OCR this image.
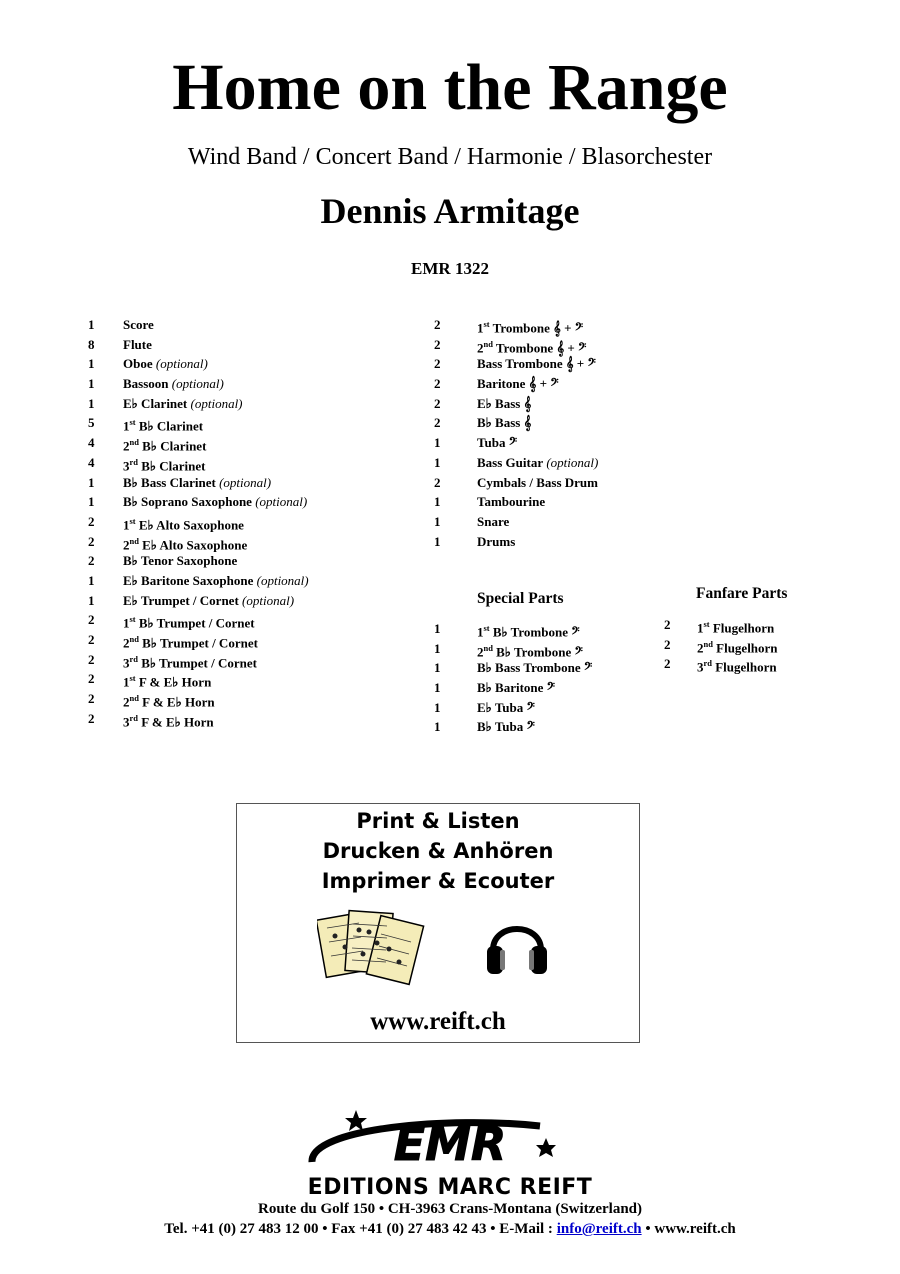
Home on the Range
Wind Band / Concert Band / Harmonie / Blasorchester
Dennis Armitage
EMR 1322
1 Score
8 Flute
1 Oboe (optional)
1 Bassoon (optional)
1 E♭ Clarinet (optional)
5 1st B♭ Clarinet
4 2nd B♭ Clarinet
4 3rd B♭ Clarinet
1 B♭ Bass Clarinet (optional)
1 B♭ Soprano Saxophone (optional)
2 1st E♭ Alto Saxophone
2 2nd E♭ Alto Saxophone
2 B♭ Tenor Saxophone
1 E♭ Baritone Saxophone (optional)
1 E♭ Trumpet / Cornet (optional)
2 1st B♭ Trumpet / Cornet
2 2nd B♭ Trumpet / Cornet
2 3rd B♭ Trumpet / Cornet
2 1st F & E♭ Horn
2 2nd F & E♭ Horn
2 3rd F & E♭ Horn
2	1st Trombone 𝄞 + 𝄢
2	2nd Trombone 𝄞 + 𝄢
2	Bass Trombone 𝄞 + 𝄢
2	Baritone 𝄞 + 𝄢
2	E♭ Bass 𝄞
2	B♭ Bass 𝄞
1	Tuba 𝄢
1	Bass Guitar (optional)
2	Cymbals / Bass Drum
1	Tambourine
1	Snare
1	Drums
Special Parts
1	1st B♭ Trombone 𝄢
1	2nd B♭ Trombone 𝄢
1	B♭ Bass Trombone 𝄢
1	B♭ Baritone 𝄢
1	E♭ Tuba 𝄢
1	B♭ Tuba 𝄢
Fanfare Parts
2 1st Flugelhorn
2 2nd Flugelhorn
2 3rd Flugelhorn
Print & Listen
Drucken & Anhören
Imprimer & Ecouter
www.reift.ch
EMR
EDITIONS MARC REIFT
Route du Golf 150 • CH-3963 Crans-Montana (Switzerland)
Tel. +41 (0) 27 483 12 00 • Fax +41 (0) 27 483 42 43 • E-Mail : info@reift.ch • www.reift.ch
